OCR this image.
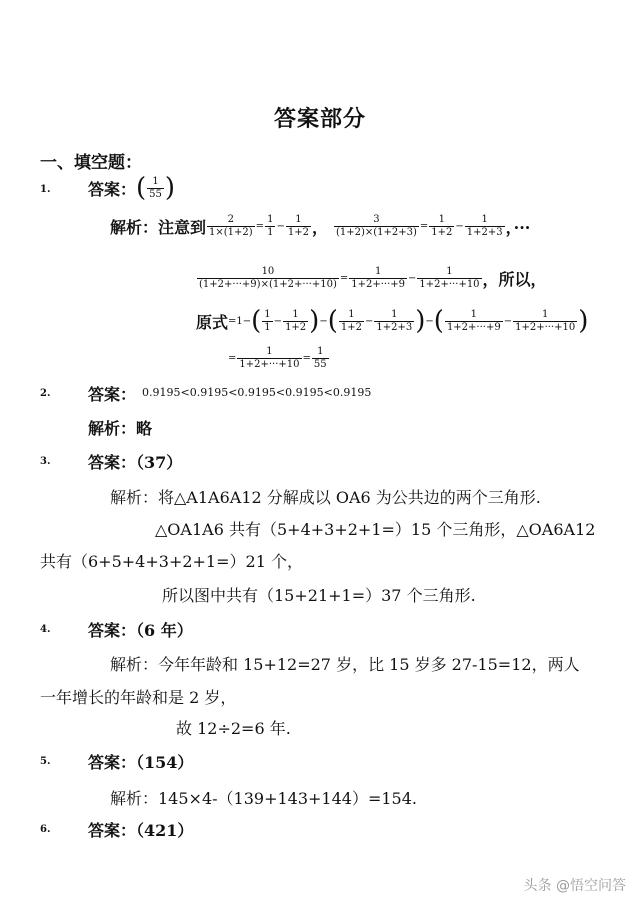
答案部分
一、填空题：
1. 答案： ( 1
55 )
解析：注意到 $\frac{2}{1\times(1+2)} = \frac{1}{1} - \frac{1}{1+2}$ ， $\frac{3}{(1+2)\times(1+2+3)} = \frac{1}{1+2} - \frac{1}{1+2+3}$ ，···
$\frac{10}{(1+2+\cdot\cdot\cdot+9)\times(1+2+\cdot\cdot\cdot+10)} = \frac{1}{1+2+\cdot\cdot\cdot+9} - \frac{1}{1+2+\cdot\cdot\cdot+10}$ ，所以，
原式 =1− ( 1
1
− $\frac{1}{1+2}$ ) − ( 1
1+2
− $\frac{1}{1+2+3}$ ) − (	1
1+2+···+9
− $\frac{1}{1+2+\cdot\cdot\cdot+10}$ )
= $\frac{1}{1+2+\cdot\cdot\cdot+10} = \frac{1}{55}$
2. 答案： 0.9195<0.9195<0.9195<0.9195<0.9195
解析：略
3. 答案：（37）
解析：将△A1A6A12 分解成以 OA6 为公共边的两个三角形.
△OA1A6 共有（5+4+3+2+1=）15 个三角形，△OA6A12
共有（6+5+4+3+2+1=）21 个，
所以图中共有（15+21+1=）37 个三角形.
4. 答案：（6 年）
解析：今年年龄和 15+12=27 岁，比 15 岁多 27-15=12，两人
一年增长的年龄和是 2 岁，
故 12÷2=6 年.
5. 答案：（154）
解析：145×4-（139+143+144）=154.
6. 答案：（421）
头条 @悟空问答
